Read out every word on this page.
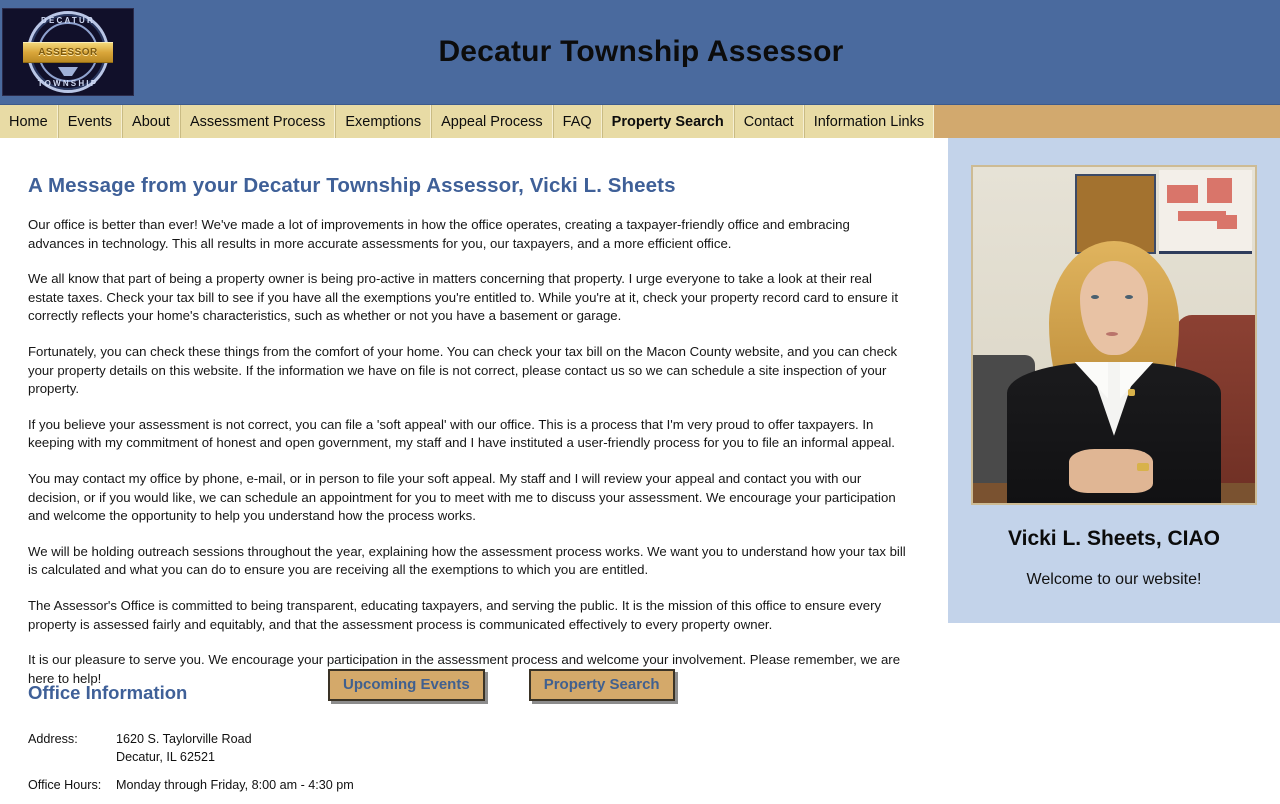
DECATUR
TOWNSHIP
ASSESSOR	Decatur Township Assessor
Home	Events	About	Assessment Process	Exemptions	Appeal Process	FAQ	Property Search	Contact	Information Links
A Message from your Decatur Township Assessor, Vicki L. Sheets

Our office is better than ever! We've made a lot of improvements in how the office operates, creating a taxpayer-friendly office and embracing advances in technology. This all results in more accurate assessments for you, our taxpayers, and a more efficient office.

We all know that part of being a property owner is being pro-active in matters concerning that property. I urge everyone to take a look at their real estate taxes. Check your tax bill to see if you have all the exemptions you're entitled to. While you're at it, check your property record card to ensure it correctly reflects your home's characteristics, such as whether or not you have a basement or garage.

Fortunately, you can check these things from the comfort of your home. You can check your tax bill on the Macon County website, and you can check your property details on this website. If the information we have on file is not correct, please contact us so we can schedule a site inspection of your property.

If you believe your assessment is not correct, you can file a 'soft appeal' with our office. This is a process that I'm very proud to offer taxpayers. In keeping with my commitment of honest and open government, my staff and I have instituted a user-friendly process for you to file an informal appeal.

You may contact my office by phone, e-mail, or in person to file your soft appeal. My staff and I will review your appeal and contact you with our decision, or if you would like, we can schedule an appointment for you to meet with me to discuss your assessment. We encourage your participation and welcome the opportunity to help you understand how the process works.

We will be holding outreach sessions throughout the year, explaining how the assessment process works. We want you to understand how your tax bill is calculated and what you can do to ensure you are receiving all the exemptions to which you are entitled.

The Assessor's Office is committed to being transparent, educating taxpayers, and serving the public. It is the mission of this office to ensure every property is assessed fairly and equitably, and that the assessment process is communicated effectively to every property owner.

It is our pleasure to serve you. We encourage your participation in the assessment process and welcome your involvement. Please remember, we are here to help!

Vicki L. Sheets, CIAO
Welcome to our website!
Office Information	Upcoming Events	Property Search
Address:	1620 S. Taylorville Road
Decatur, IL 62521

Office Hours:	Monday through Friday, 8:00 am - 4:30 pm
